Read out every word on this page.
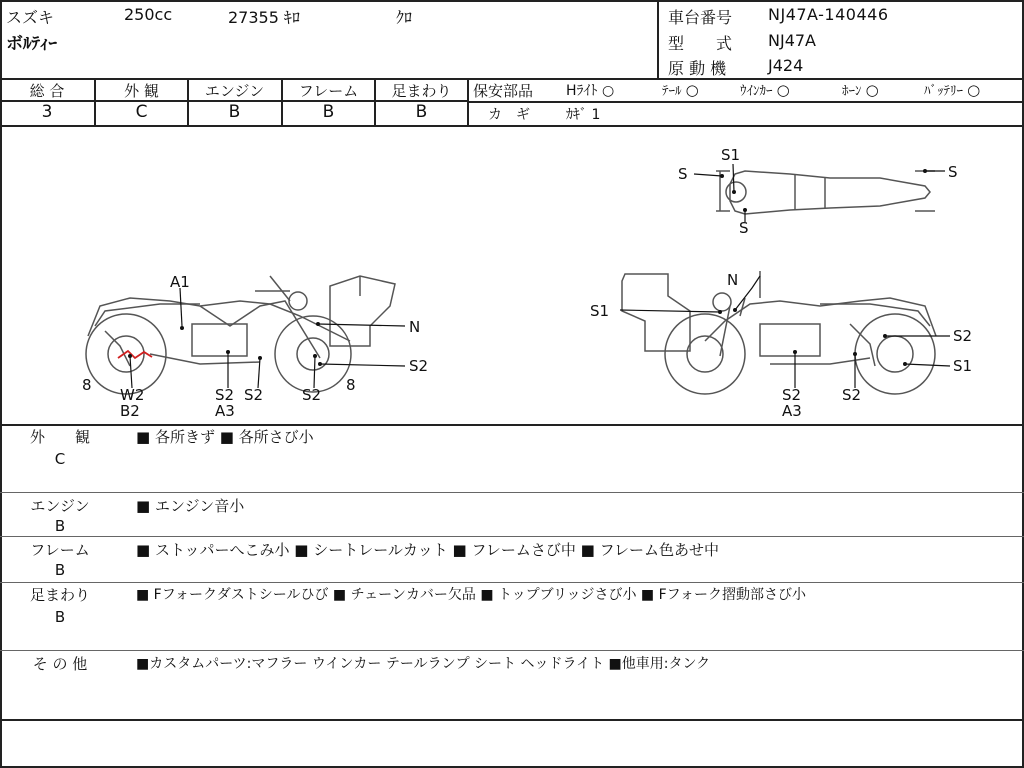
スズキ	250cc	27355 ｷﾛ	ｸﾛ
ボﾙﾃｨｰ
車台番号 NJ47A-140446
型　　式 NJ47A
原 動 機	J424
総 合
3
外 観
C
エンジン
B
フレーム
B
足まわり
B
保安部品 Hﾗｲﾄ ○	ﾃｰﾙ ○	ｳｲﾝｶｰ ○	ﾎｰﾝ ○	ﾊﾞｯﾃﾘｰ ○
カ　ギ	ｶｷﾞ 1
A1
N
S2
8	8
W2
B2
S2
A3
S2	S2
N
S1
S2
S1
S2
A3
S2
S1
S	S
S
外　　観
C
■ 各所きず ■ 各所さび小
エンジン
B
■ エンジン音小
フレーム
B
■ ストッパーへこみ小 ■ シートレールカット ■ フレームさび中 ■ フレーム色あせ中
足まわり
B
■ Fフォークダストシールひび ■ チェーンカバー欠品 ■ トップブリッジさび小 ■ Fフォーク摺動部さび小
そ の 他	■カスタムパーツ:マフラー ウインカー テールランプ シート ヘッドライト ■他車用:タンク
